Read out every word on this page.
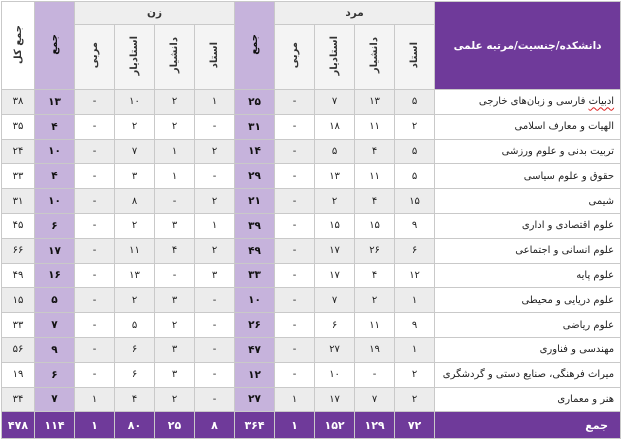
دانشکده/جنسیت/مرتبه علمی	مرد				جمع	زن				جمع	جمع کل
	استاد	دانشیار	استادیار	مربی		استاد	دانشیار	استادیار	مربی		
ادبیات فارسی و زبان‌های خارجی	۵	۱۳	۷	-	۲۵	۱	۲	۱۰	-	۱۳	۳۸
الهیات و معارف اسلامی	۲	۱۱	۱۸	-	۳۱	-	۲	۲	-	۴	۳۵
تربیت بدنی و علوم ورزشی	۵	۴	۵	-	۱۴	۲	۱	۷	-	۱۰	۲۴
حقوق و علوم سیاسی	۵	۱۱	۱۳	-	۲۹	-	۱	۳	-	۴	۳۳
شیمی	۱۵	۴	۲	-	۲۱	۲	-	۸	-	۱۰	۳۱
علوم اقتصادی و اداری	۹	۱۵	۱۵	-	۳۹	۱	۳	۲	-	۶	۴۵
علوم انسانی و اجتماعی	۶	۲۶	۱۷	-	۴۹	۲	۴	۱۱	-	۱۷	۶۶
علوم پایه	۱۲	۴	۱۷	-	۳۳	۳	-	۱۳	-	۱۶	۴۹
علوم دریایی و محیطی	۱	۲	۷	-	۱۰	-	۳	۲	-	۵	۱۵
علوم ریاضی	۹	۱۱	۶	-	۲۶	-	۲	۵	-	۷	۳۳
مهندسی و فناوری	۱	۱۹	۲۷	-	۴۷	-	۳	۶	-	۹	۵۶
میراث فرهنگی، صنایع دستی و گردشگری	۲	-	۱۰	-	۱۲	-	۳	۶	-	۶	۱۹
هنر و معماری	۲	۷	۱۷	۱	۲۷	-	۲	۴	۱	۷	۳۴
جمع	۷۲	۱۲۹	۱۵۲	۱	۳۶۴	۸	۲۵	۸۰	۱	۱۱۴	۴۷۸
